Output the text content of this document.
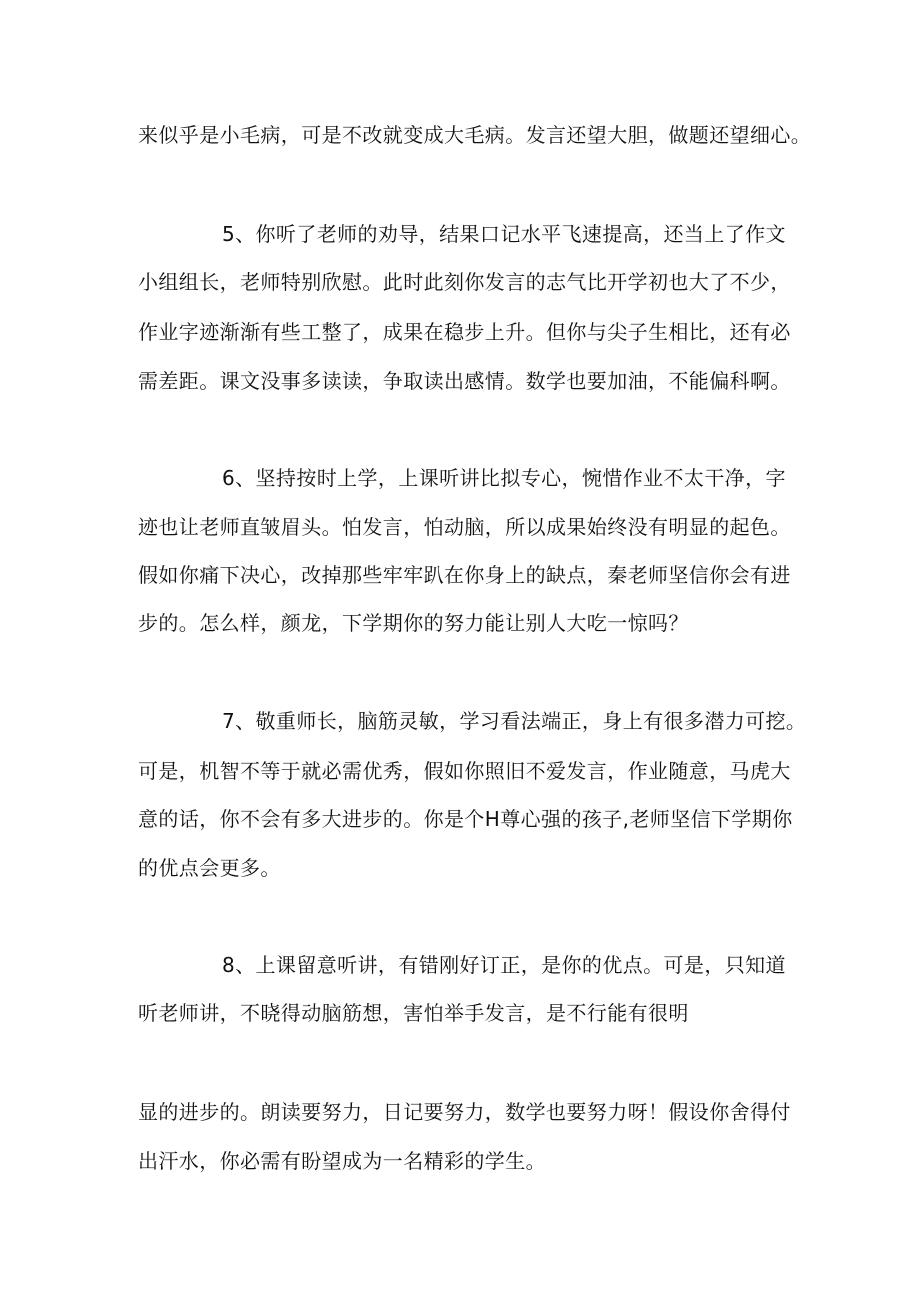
来似乎是小毛病，可是不改就变成大毛病。发言还望大胆，做题还望细心。
5、你听了老师的劝导，结果口记水平飞速提高，还当上了作文
小组组长，老师特别欣慰。此时此刻你发言的志气比开学初也大了不少，
作业字迹渐渐有些工整了，成果在稳步上升。但你与尖子生相比，还有必
需差距。课文没事多读读，争取读出感情。数学也要加油，不能偏科啊。
6、坚持按时上学，上课听讲比拟专心，惋惜作业不太干净，字
迹也让老师直皱眉头。怕发言，怕动脑，所以成果始终没有明显的起色。
假如你痛下决心，改掉那些牢牢趴在你身上的缺点，秦老师坚信你会有进
步的。怎么样，颜龙，下学期你的努力能让别人大吃一惊吗？
7、敬重师长，脑筋灵敏，学习看法端正，身上有很多潜力可挖。
可是，机智不等于就必需优秀，假如你照旧不爱发言，作业随意，马虎大
意的话，你不会有多大进步的。你是个H尊心强的孩子,老师坚信下学期你
的优点会更多。
8、上课留意听讲，有错刚好订正，是你的优点。可是，只知道
听老师讲，不晓得动脑筋想，害怕举手发言，是不行能有很明
显的进步的。朗读要努力，日记要努力，数学也要努力呀！假设你舍得付
出汗水，你必需有盼望成为一名精彩的学生。
